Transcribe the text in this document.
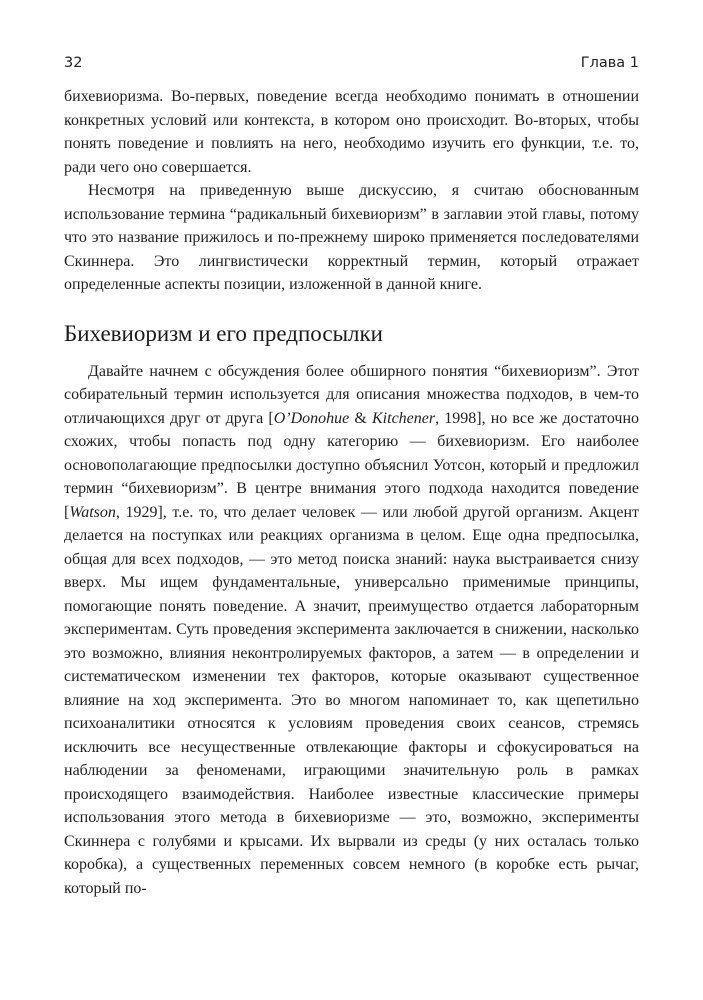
32	Глава 1

бихевиоризма. Во-первых, поведение всегда необходимо понимать в отношении конкретных условий или контекста, в котором оно происходит. Во-вторых, чтобы понять поведение и повлиять на него, необходимо изучить его функции, т.е. то, ради чего оно совершается.

Несмотря на приведенную выше дискуссию, я считаю обоснованным использование термина “радикальный бихевиоризм” в заглавии этой главы, потому что это название прижилось и по-прежнему широко применяется последователями Скиннера. Это лингвистически корректный термин, который отражает определенные аспекты позиции, изложенной в данной книге.

Бихевиоризм и его предпосылки

Давайте начнем с обсуждения более обширного понятия “бихевиоризм”. Этот собирательный термин используется для описания множества подходов, в чем-то отличающихся друг от друга [O’Donohue & Kitchener, 1998], но все же достаточно схожих, чтобы попасть под одну категорию — бихевиоризм. Его наиболее основополагающие предпосылки доступно объяснил Уотсон, который и предложил термин “бихевиоризм”. В центре внимания этого подхода находится поведение [Watson, 1929], т.е. то, что делает человек — или любой другой организм. Акцент делается на поступках или реакциях организма в целом. Еще одна предпосылка, общая для всех подходов, — это метод поиска знаний: наука выстраивается снизу вверх. Мы ищем фундаментальные, универсально применимые принципы, помогающие понять поведение. А значит, преимущество отдается лабораторным экспериментам. Суть проведения эксперимента заключается в снижении, насколько это возможно, влияния неконтролируемых факторов, а затем — в определении и систематическом изменении тех факторов, которые оказывают существенное влияние на ход эксперимента. Это во многом напоминает то, как щепетильно психоаналитики относятся к условиям проведения своих сеансов, стремясь исключить все несущественные отвлекающие факторы и сфокусироваться на наблюдении за феноменами, играющими значительную роль в рамках происходящего взаимодействия. Наиболее известные классические примеры использования этого метода в бихевиоризме — это, возможно, эксперименты Скиннера с голубями и крысами. Их вырвали из среды (у них осталась только коробка), а существенных переменных совсем немного (в коробке есть рычаг, который по-
